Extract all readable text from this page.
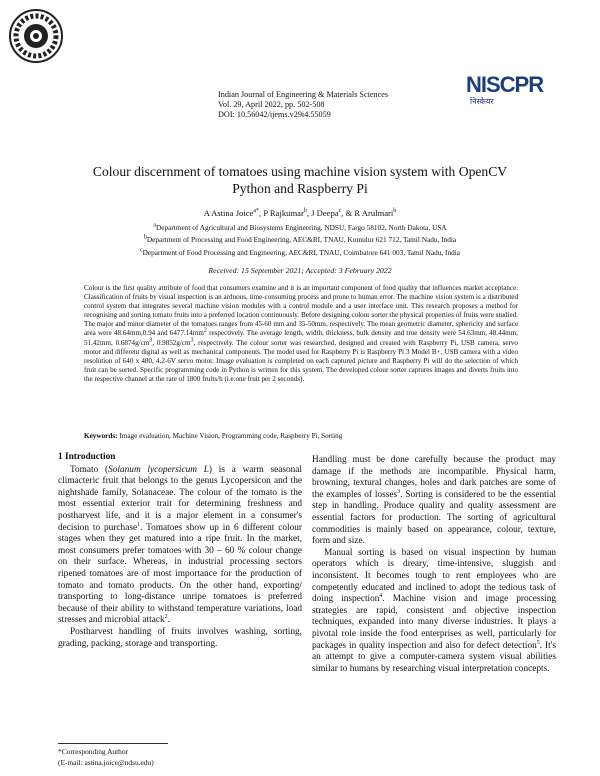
NISCPR
निस्केयर
Indian Journal of Engineering & Materials Sciences
Vol. 29, April 2022, pp. 502-508
DOI: 10.56042/ijems.v29i4.55059
Colour discernment of tomatoes using machine vision system with OpenCV
Python and Raspberry Pi
A Astina Joice$^{a*}$, P Rajkumar$^b$, J Deepa$^c$, & R Arulmari$^b$
$^a$Department of Agricultural and Biosystems Engineering, NDSU, Fargo 58102, North Dakota, USA
$^b$Department of Processing and Food Engineering, AEC&RI, TNAU, Kumulur 621 712, Tamil Nadu, India
$^c$Department of Food Processing and Engineering, AEC&RI, TNAU, Coimbatore 641 003, Tamil Nadu, India
Received: 15 September 2021; Accepted: 3 February 2022
Colour is the first quality attribute of food that consumers examine and it is an important component of food quality that influences market acceptance. Classification of fruits by visual inspection is an arduous, time-consuming process and prone to human error. The machine vision system is a distributed control system that integrates several machine vision modules with a control module and a user interface unit. This research proposes a method for recognising and sorting tomato fruits into a preferred location continuously. Before designing colour sorter the physical properties of fruits were studied. The major and minor diameter of the tomatoes ranges from 45-60 mm and 35-50mm, respectively. The mean geometric diameter, sphericity and surface area were 48.64mm,0.94 and $6477.14mm^2$ respectively. The average length, width, thickness, bulk density and true density were 54.63mm, 48.44mm, 51.42mm, $0.6874g/cm^3$, $0.9852g/cm^3$, respectively. The colour sorter was researched, designed and created with Raspberry Pi, USB camera, servo motor and different digital as well as mechanical components. The model used for Raspberry Pi is Raspberry Pi 3 Model B+, USB camera with a video resolution of 640 x 480, 4.2-6V servo motor. Image evaluation is completed on each captured picture and Raspberry Pi will do the selection of which fruit can be sorted. Specific programming code in Python is written for this system. The developed colour sorter captures images and diverts fruits into the respective channel at the rate of 1800 fruits/h (i.e.one fruit per 2 seconds).
Keywords: Image evaluation, Machine Vision, Programming code, Raspberry Pi, Sorting
1 Introduction
Tomato (Solanum lycopersicum L) is a warm seasonal climacteric fruit that belongs to the genus Lycopersicon and the nightshade family, Solanaceae. The colour of the tomato is the most essential exterior trait for determining freshness and postharvest life, and it is a major element in a consumer's decision to purchase$^1$. Tomatoes show up in 6 different colour stages when they get matured into a ripe fruit. In the market, most consumers prefer tomatoes with 30 – 60 % colour change on their surface. Whereas, in industrial processing sectors ripened tomatoes are of most importance for the production of tomato and tomato products. On the other hand, exporting/ transporting to long-distance unripe tomatoes is preferred because of their ability to withstand temperature variations, load stresses and microbial attack$^2$.
Postharvest handling of fruits involves washing, sorting, grading, packing, storage and transporting.
Handling must be done carefully because the product may damage if the methods are incompatible. Physical harm, browning, textural changes, holes and dark patches are some of the examples of losses$^3$. Sorting is considered to be the essential step in handling. Produce quality and quality assessment are essential factors for production. The sorting of agricultural commodities is mainly based on appearance, colour, texture, form and size.
Manual sorting is based on visual inspection by human operators which is dreary, time-intensive, sluggish and inconsistent. It becomes tough to rent employees who are competently educated and inclined to adopt the tedious task of doing inspection$^4$. Machine vision and image processing strategies are rapid, consistent and objective inspection techniques, expanded into many diverse industries. It plays a pivotal role inside the food enterprises as well, particularly for packages in quality inspection and also for defect detection$^5$. It's an attempt to give a computer-camera system visual abilities similar to humans by researching visual interpretation concepts.
*Corresponding Author
(E-mail: astina.joice@ndsu.edu)
